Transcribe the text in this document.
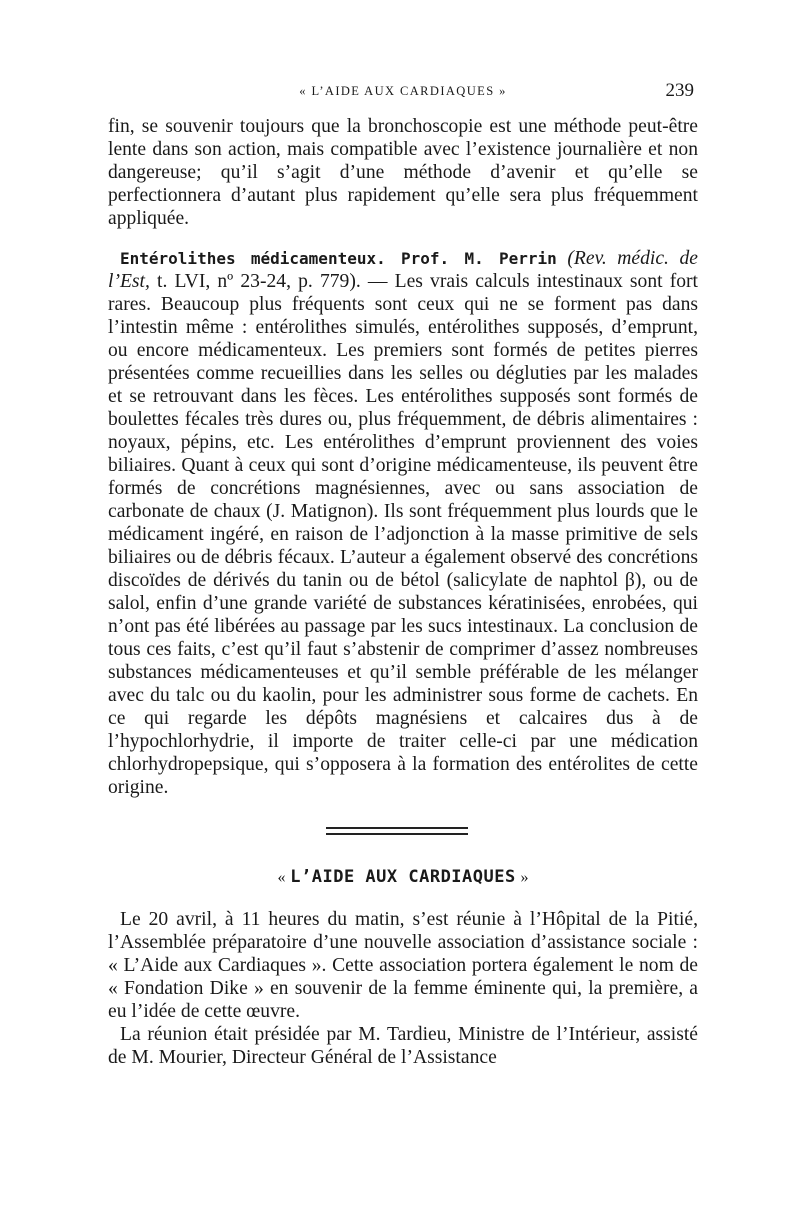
« L’AIDE AUX CARDIAQUES »	239

fin, se souvenir toujours que la bronchoscopie est une méthode peut-être lente dans son action, mais compatible avec l’existence journalière et non dangereuse; qu’il s’agit d’une méthode d’avenir et qu’elle se perfectionnera d’autant plus rapidement qu’elle sera plus fréquemment appliquée.

Entérolithes médicamenteux. Prof. M. Perrin (Rev. médic. de l’Est, t. LVI, nº 23-24, p. 779). — Les vrais calculs intestinaux sont fort rares. Beaucoup plus fréquents sont ceux qui ne se forment pas dans l’intestin même : entérolithes simulés, entérolithes supposés, d’emprunt, ou encore médicamenteux. Les premiers sont formés de petites pierres présentées comme recueillies dans les selles ou dégluties par les malades et se retrouvant dans les fèces. Les entérolithes supposés sont formés de boulettes fécales très dures ou, plus fréquemment, de débris alimentaires : noyaux, pépins, etc. Les entérolithes d’emprunt proviennent des voies biliaires. Quant à ceux qui sont d’origine médicamenteuse, ils peuvent être formés de concrétions magnésiennes, avec ou sans association de carbonate de chaux (J. Matignon). Ils sont fréquemment plus lourds que le médicament ingéré, en raison de l’adjonction à la masse primitive de sels biliaires ou de débris fécaux. L’auteur a également observé des concrétions discoïdes de dérivés du tanin ou de bétol (salicylate de naphtol β), ou de salol, enfin d’une grande variété de substances kératinisées, enrobées, qui n’ont pas été libérées au passage par les sucs intestinaux. La conclusion de tous ces faits, c’est qu’il faut s’abstenir de comprimer d’assez nombreuses substances médicamenteuses et qu’il semble préférable de les mélanger avec du talc ou du kaolin, pour les administrer sous forme de cachets. En ce qui regarde les dépôts magnésiens et calcaires dus à de l’hypochlorhydrie, il importe de traiter celle-ci par une médication chlorhydropepsique, qui s’opposera à la formation des entérolites de cette origine.

« L’AIDE AUX CARDIAQUES »

Le 20 avril, à 11 heures du matin, s’est réunie à l’Hôpital de la Pitié, l’Assemblée préparatoire d’une nouvelle association d’assistance sociale : « L’Aide aux Cardiaques ». Cette association portera également le nom de « Fondation Dike » en souvenir de la femme éminente qui, la première, a eu l’idée de cette œuvre.

La réunion était présidée par M. Tardieu, Ministre de l’Intérieur, assisté de M. Mourier, Directeur Général de l’Assistance
